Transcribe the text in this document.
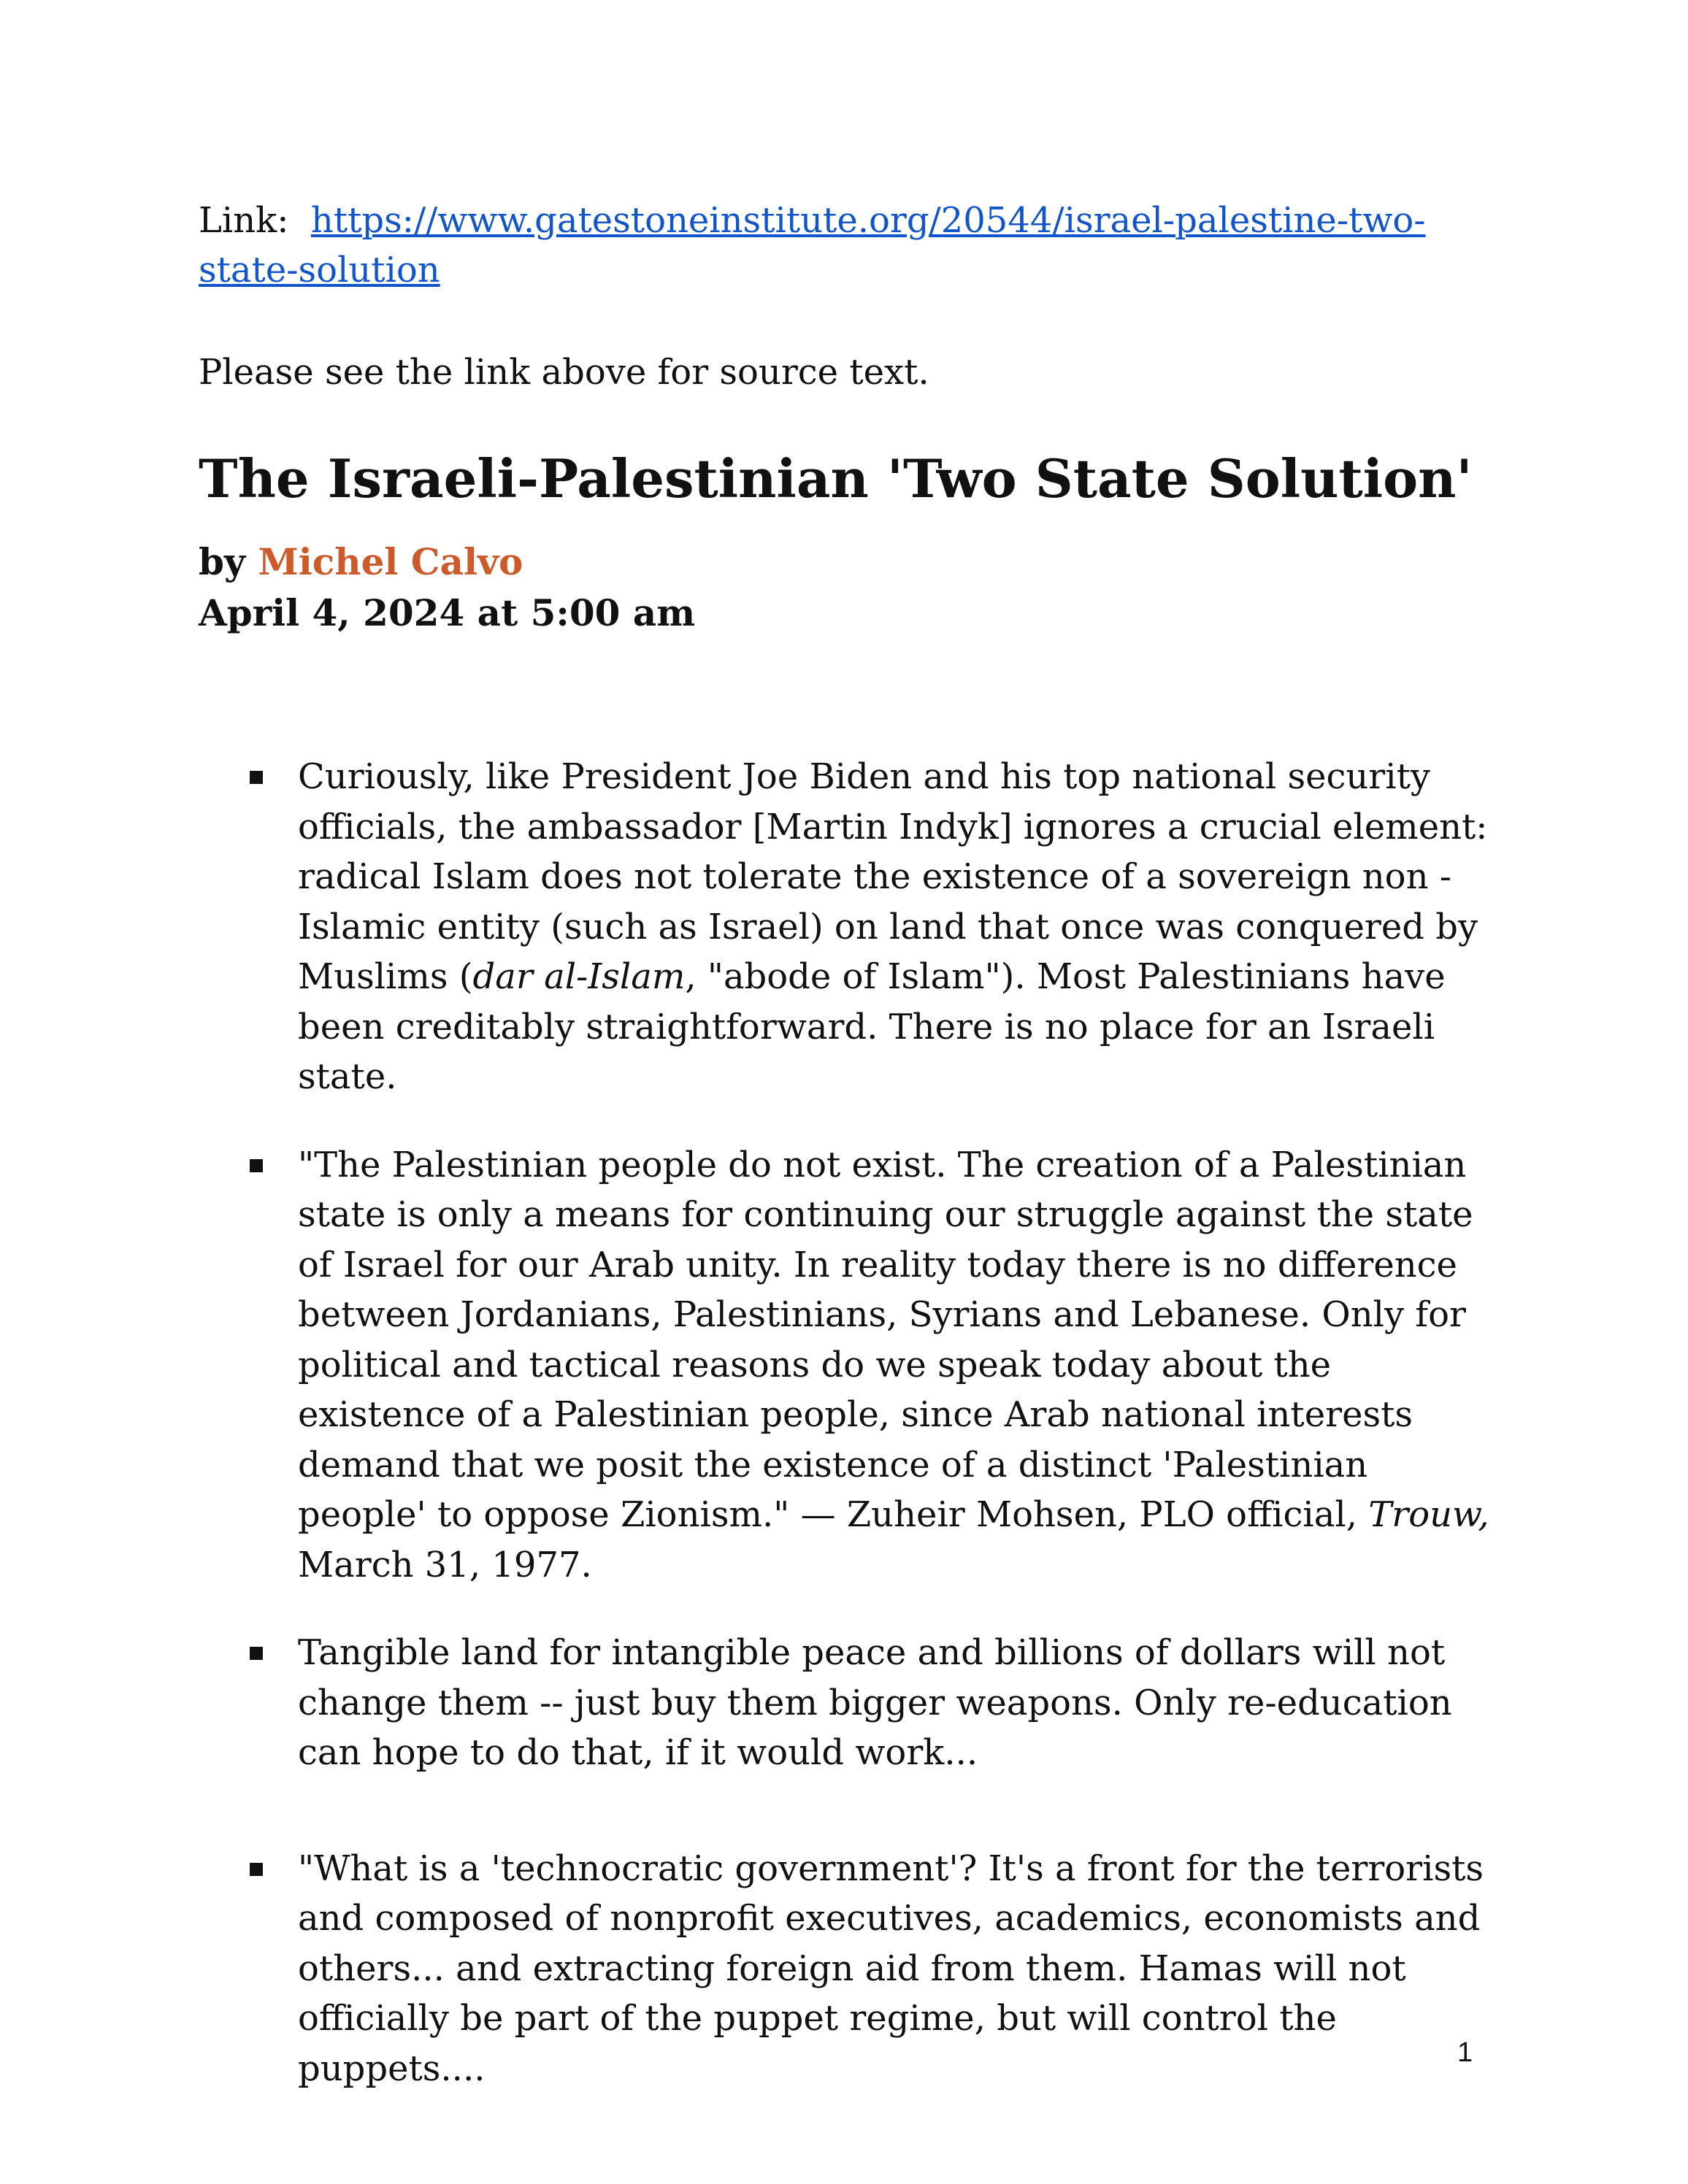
Link: https://www.gatestoneinstitute.org/20544/israel-palestine-two-state-solution
Please see the link above for source text.
The Israeli-Palestinian 'Two State Solution'
by Michel Calvo
April 4, 2024 at 5:00 am
Curiously, like President Joe Biden and his top national security officials, the ambassador [Martin Indyk] ignores a crucial element: radical Islam does not tolerate the existence of a sovereign non -Islamic entity (such as Israel) on land that once was conquered by Muslims (dar al-Islam, "abode of Islam"). Most Palestinians have been creditably straightforward. There is no place for an Israeli state.
"The Palestinian people do not exist. The creation of a Palestinian state is only a means for continuing our struggle against the state of Israel for our Arab unity. In reality today there is no difference between Jordanians, Palestinians, Syrians and Lebanese. Only for political and tactical reasons do we speak today about the existence of a Palestinian people, since Arab national interests demand that we posit the existence of a distinct 'Palestinian people' to oppose Zionism." — Zuheir Mohsen, PLO official, Trouw, March 31, 1977.
Tangible land for intangible peace and billions of dollars will not change them -- just buy them bigger weapons. Only re-education can hope to do that, if it would work...
"What is a 'technocratic government'? It's a front for the terrorists and composed of nonprofit executives, academics, economists and others... and extracting foreign aid from them. Hamas will not officially be part of the puppet regime, but will control the puppets....	1
